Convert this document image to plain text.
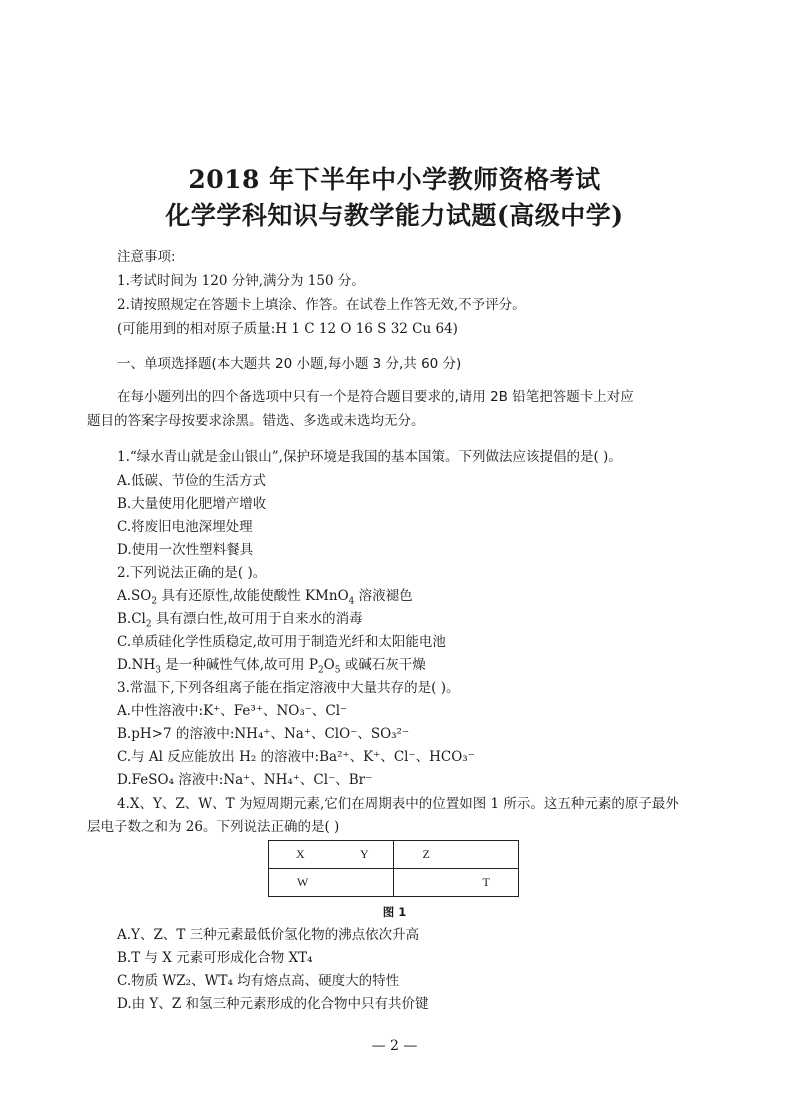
2018 年下半年中小学教师资格考试
化学学科知识与教学能力试题(高级中学)
注意事项:
1.考试时间为 120 分钟,满分为 150 分。
2.请按照规定在答题卡上填涂、作答。在试卷上作答无效,不予评分。
(可能用到的相对原子质量:H 1 C 12 O 16 S 32 Cu 64)
一、单项选择题(本大题共 20 小题,每小题 3 分,共 60 分)
在每小题列出的四个备选项中只有一个是符合题目要求的,请用 2B 铅笔把答题卡上对应
题目的答案字母按要求涂黑。错选、多选或未选均无分。
1.“绿水青山就是金山银山”,保护环境是我国的基本国策。下列做法应该提倡的是( )。
A.低碳、节俭的生活方式
B.大量使用化肥增产增收
C.将废旧电池深埋处理
D.使用一次性塑料餐具
2.下列说法正确的是( )。
$A.SO_2$ 具有还原性,故能使酸性 KMnO$_4$ 溶液褪色
$B.Cl_2$ 具有漂白性,故可用于自来水的消毒
C.单质硅化学性质稳定,故可用于制造光纤和太阳能电池
$D.NH_3$ 是一种碱性气体,故可用 $P_2O_5$ 或碱石灰干燥
3.常温下,下列各组离子能在指定溶液中大量共存的是( )。
A.中性溶液中:K⁺、Fe³⁺、NO₃⁻、Cl⁻
B.pH>7 的溶液中:NH₄⁺、Na⁺、ClO⁻、SO₃²⁻
C.与 Al 反应能放出 H₂ 的溶液中:Ba²⁺、K⁺、Cl⁻、HCO₃⁻
D.FeSO₄ 溶液中:Na⁺、NH₄⁺、Cl⁻、Br⁻
4.X、Y、Z、W、T 为短周期元素,它们在周期表中的位置如图 1 所示。这五种元素的原子最外
层电子数之和为 26。下列说法正确的是( )
X Y	Z

W	T
图 1
A.Y、Z、T 三种元素最低价氢化物的沸点依次升高
B.T 与 X 元素可形成化合物 XT₄
C.物质 WZ₂、WT₄ 均有熔点高、硬度大的特性
D.由 Y、Z 和氢三种元素形成的化合物中只有共价键
— 2 —
